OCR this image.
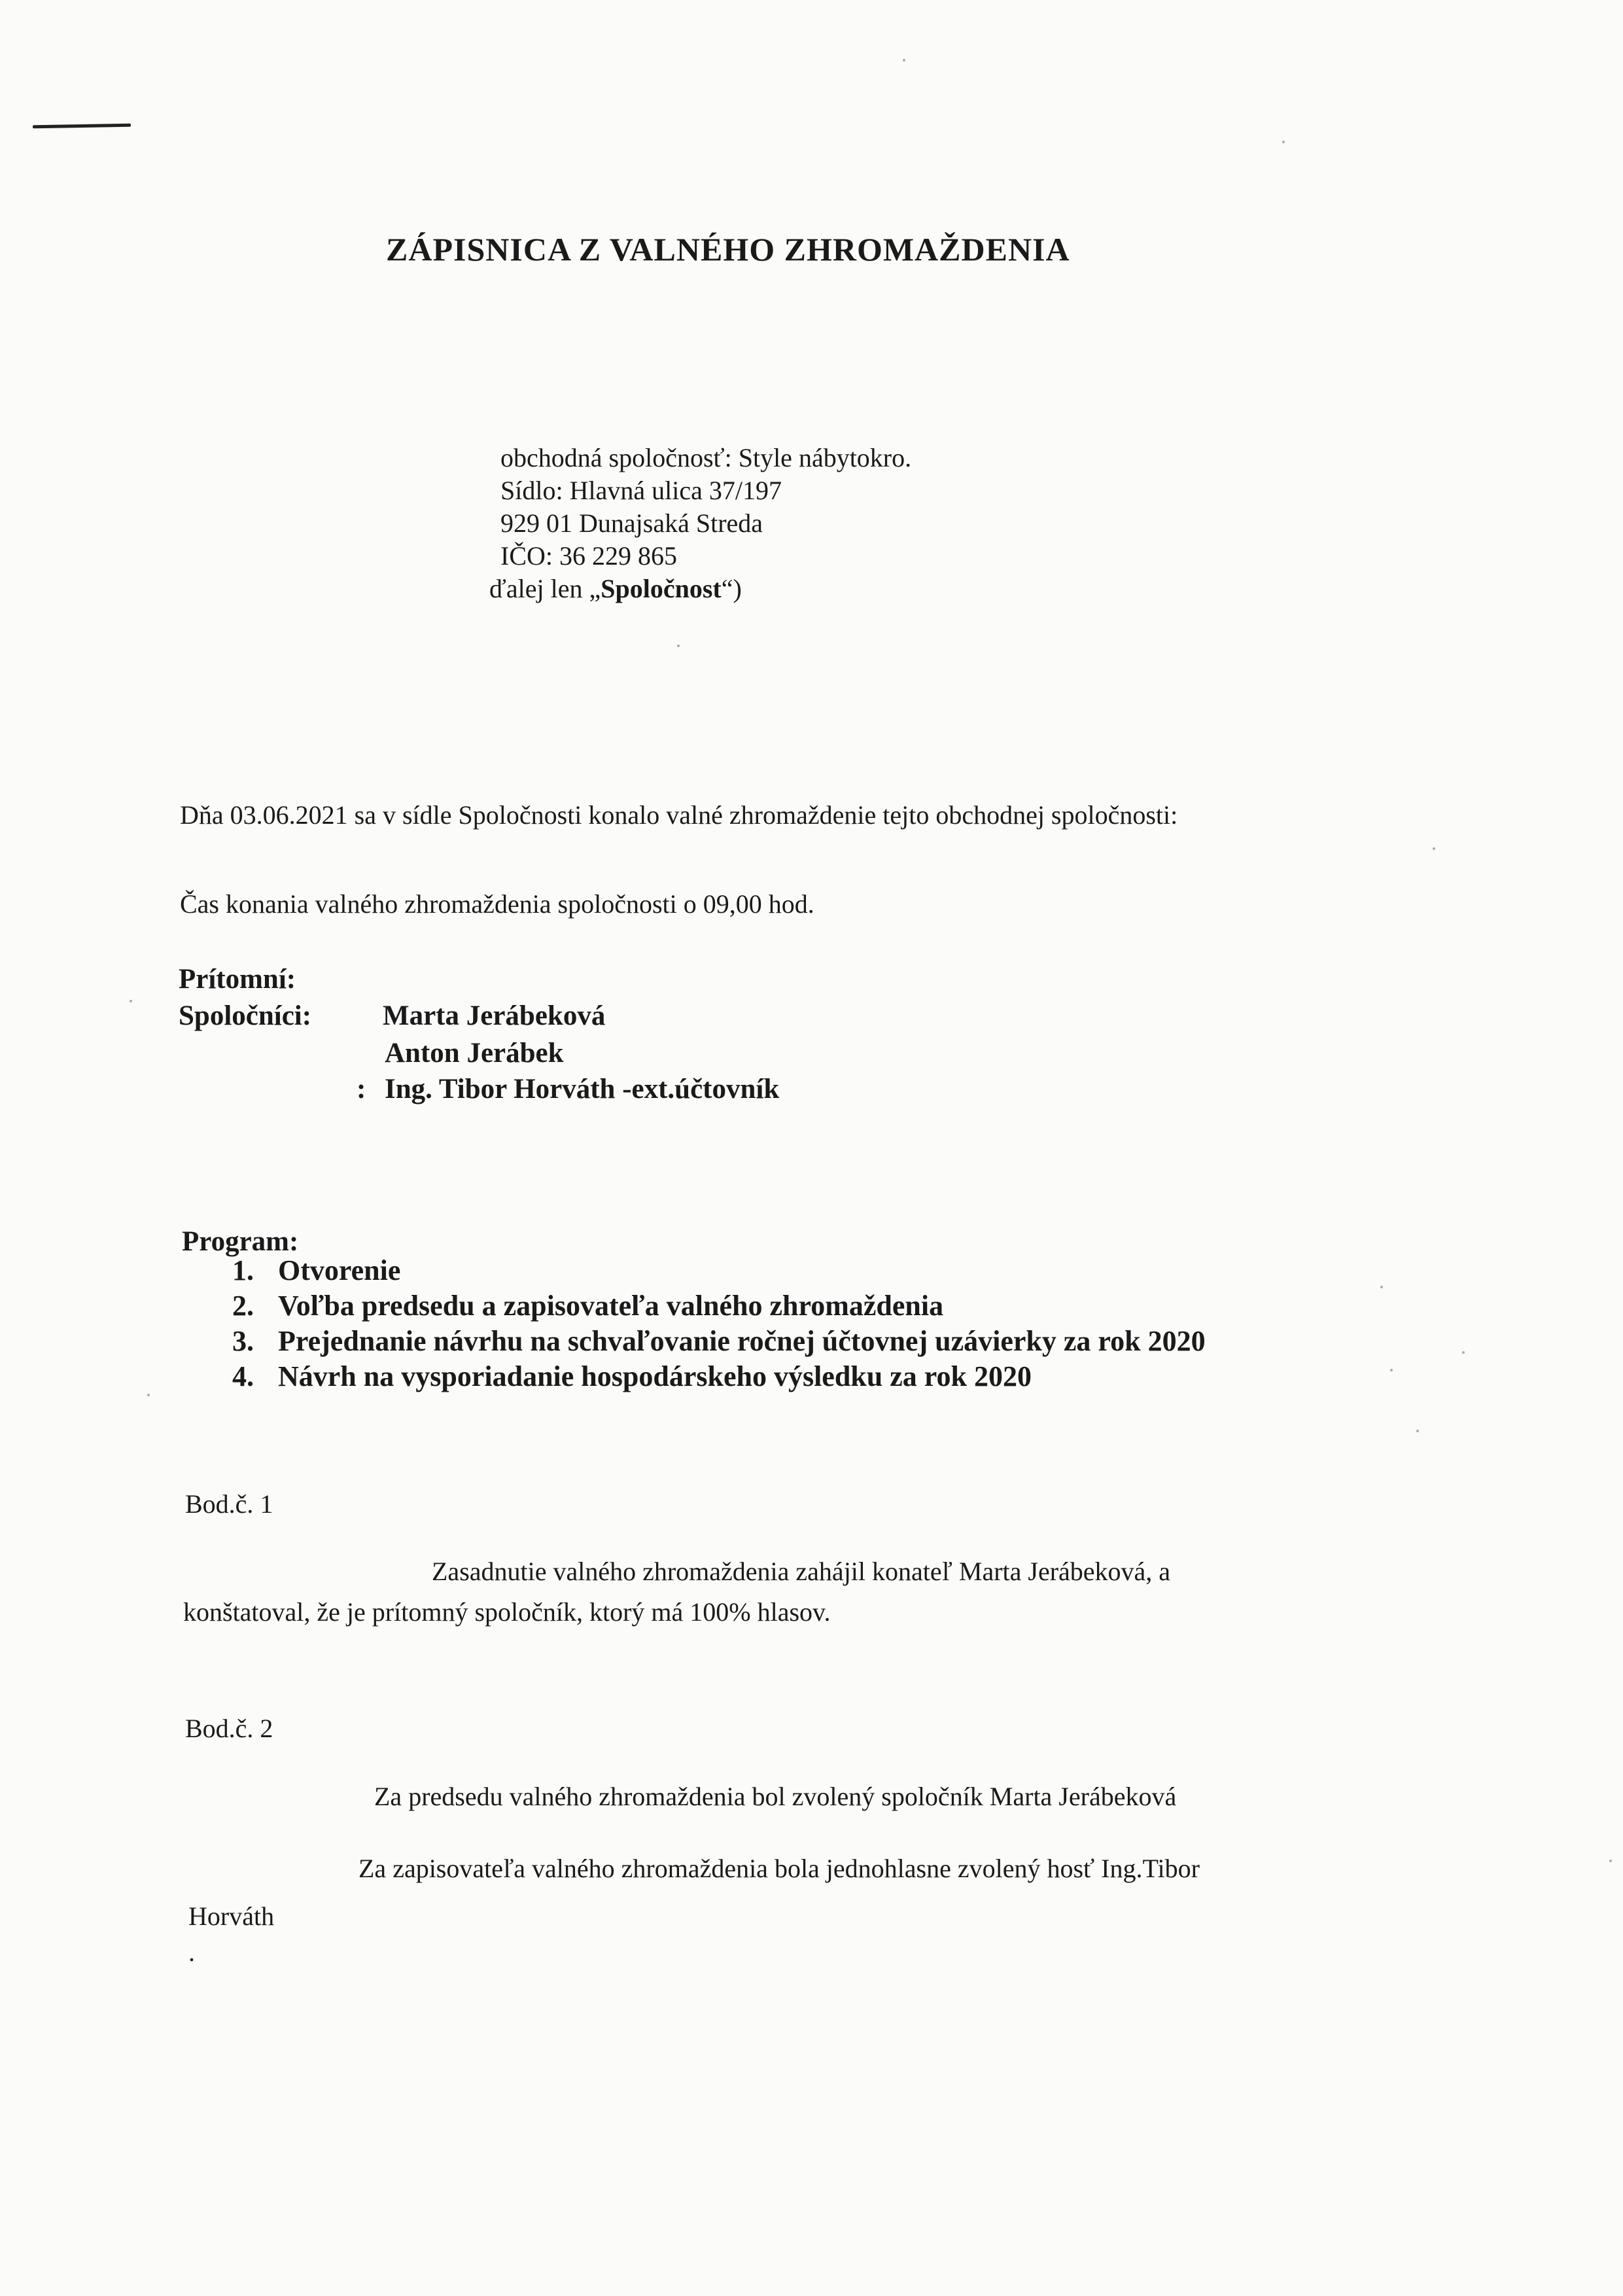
ZÁPISNICA Z VALNÉHO ZHROMAŽDENIA
obchodná spoločnosť: Style nábytokro.
Sídlo: Hlavná ulica 37/197
929 01 Dunajsaká Streda
IČO: 36 229 865
ďalej len „Spoločnost“)
Dňa 03.06.2021 sa v sídle Spoločnosti konalo valné zhromaždenie tejto obchodnej spoločnosti:
Čas konania valného zhromaždenia spoločnosti o 09,00 hod.
Prítomní:
Spoločníci:	Marta Jerábeková
Anton Jerábek
: Ing. Tibor Horváth -ext.účtovník
Program:
1. Otvorenie
2. Voľba predsedu a zapisovateľa valného zhromaždenia
3. Prejednanie návrhu na schvaľovanie ročnej účtovnej uzávierky za rok 2020
4. Návrh na vysporiadanie hospodárskeho výsledku za rok 2020
Bod.č. 1
Zasadnutie valného zhromaždenia zahájil konateľ Marta Jerábeková, a
konštatoval, že je prítomný spoločník, ktorý má 100% hlasov.
Bod.č. 2
Za predsedu valného zhromaždenia bol zvolený spoločník Marta Jerábeková
Za zapisovateľa valného zhromaždenia bola jednohlasne zvolený hosť Ing.Tibor
Horváth
.
